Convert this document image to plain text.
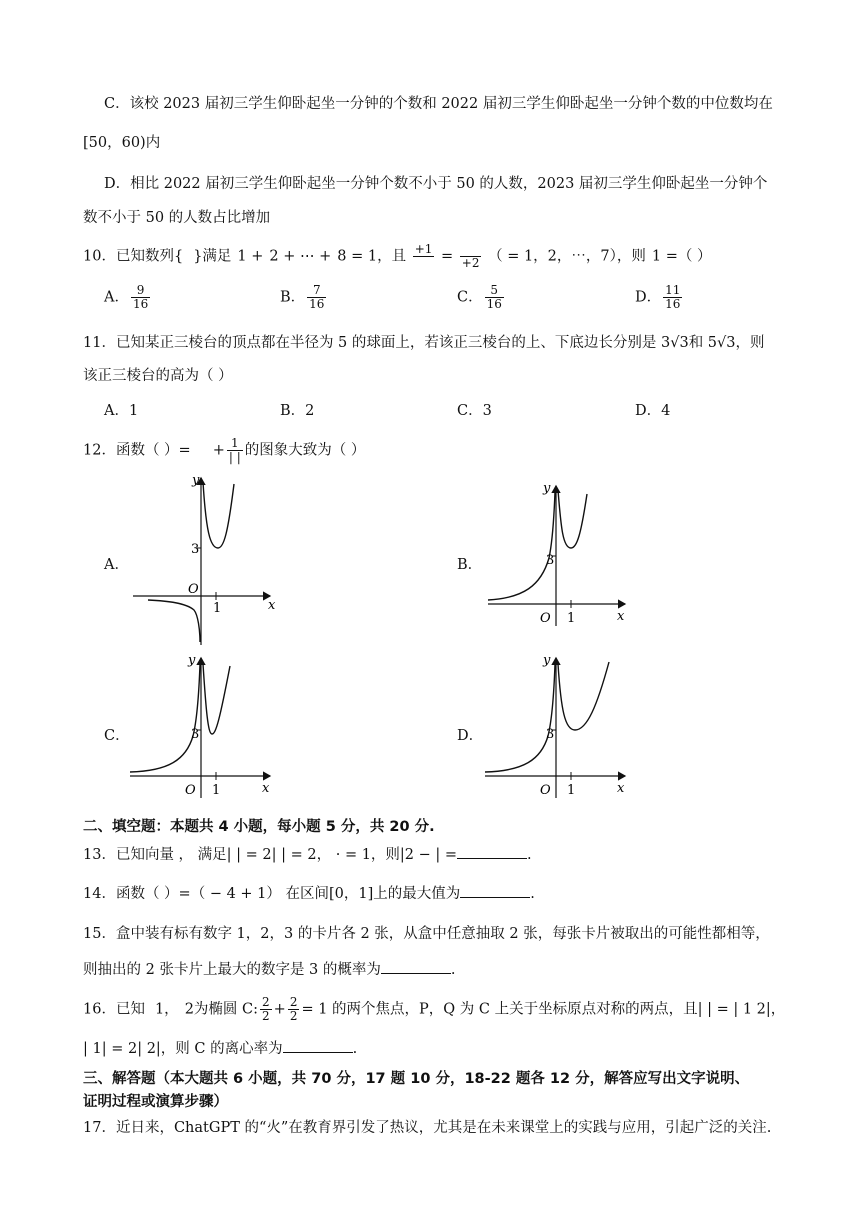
C．该校 2023 届初三学生仰卧起坐一分钟的个数和 2022 届初三学生仰卧起坐一分钟个数的中位数均在
[50，60)内
D．相比 2022 届初三学生仰卧起坐一分钟个数不小于 50 的人数，2023 届初三学生仰卧起坐一分钟个
数不小于 50 的人数占比增加
10．已知数列{ }满足 1 + 2 + ⋯ + 8 = 1，且 +1
=
+2 （ = 1，2，⋯，7），则 1 =（ ）
A． $\frac{9}{16}$	B． $\frac{7}{16}$	C． $\frac{5}{16}$	D． $\frac{11}{16}$
11．已知某正三棱台的顶点都在半径为 5 的球面上，若该正三棱台的上、下底边长分别是 3√3和 5√3，则
该正三棱台的高为（ ）
A．1	B．2	C．3	D．4
12．函数（ ）= + $\frac{1}{| |}$ 的图象大致为（ ）
A．
y
x
O
1
3
B．
y
x
O 1
3
C．
y
x
O 1
3	D．
y
x
O 1
3
二、填空题：本题共 4 小题，每小题 5 分，共 20 分.
13．已知向量 ， 满足| | = 2| | = 2， · = 1，则|2 − | =	.
14．函数（ ）=（ − 4 + 1） 在区间[0，1]上的最大值为	.
15．盒中装有标有数字 1，2，3 的卡片各 2 张，从盒中任意抽取 2 张，每张卡片被取出的可能性都相等，
则抽出的 2 张卡片上最大的数字是 3 的概率为	.
16．已知 1， 2为椭圆 C: $\frac{2}{2} + \frac{2}{2} = 1$ 的两个焦点，P，Q 为 C 上关于坐标原点对称的两点，且| | = | 1 2|，
| 1| = 2| 2|，则 C 的离心率为	.
三、解答题（本大题共 6 小题，共 70 分，17 题 10 分，18-22 题各 12 分，解答应写出文字说明、
证明过程或演算步骤）
17．近日来，ChatGPT 的“火”在教育界引发了热议，尤其是在未来课堂上的实践与应用，引起广泛的关注.
